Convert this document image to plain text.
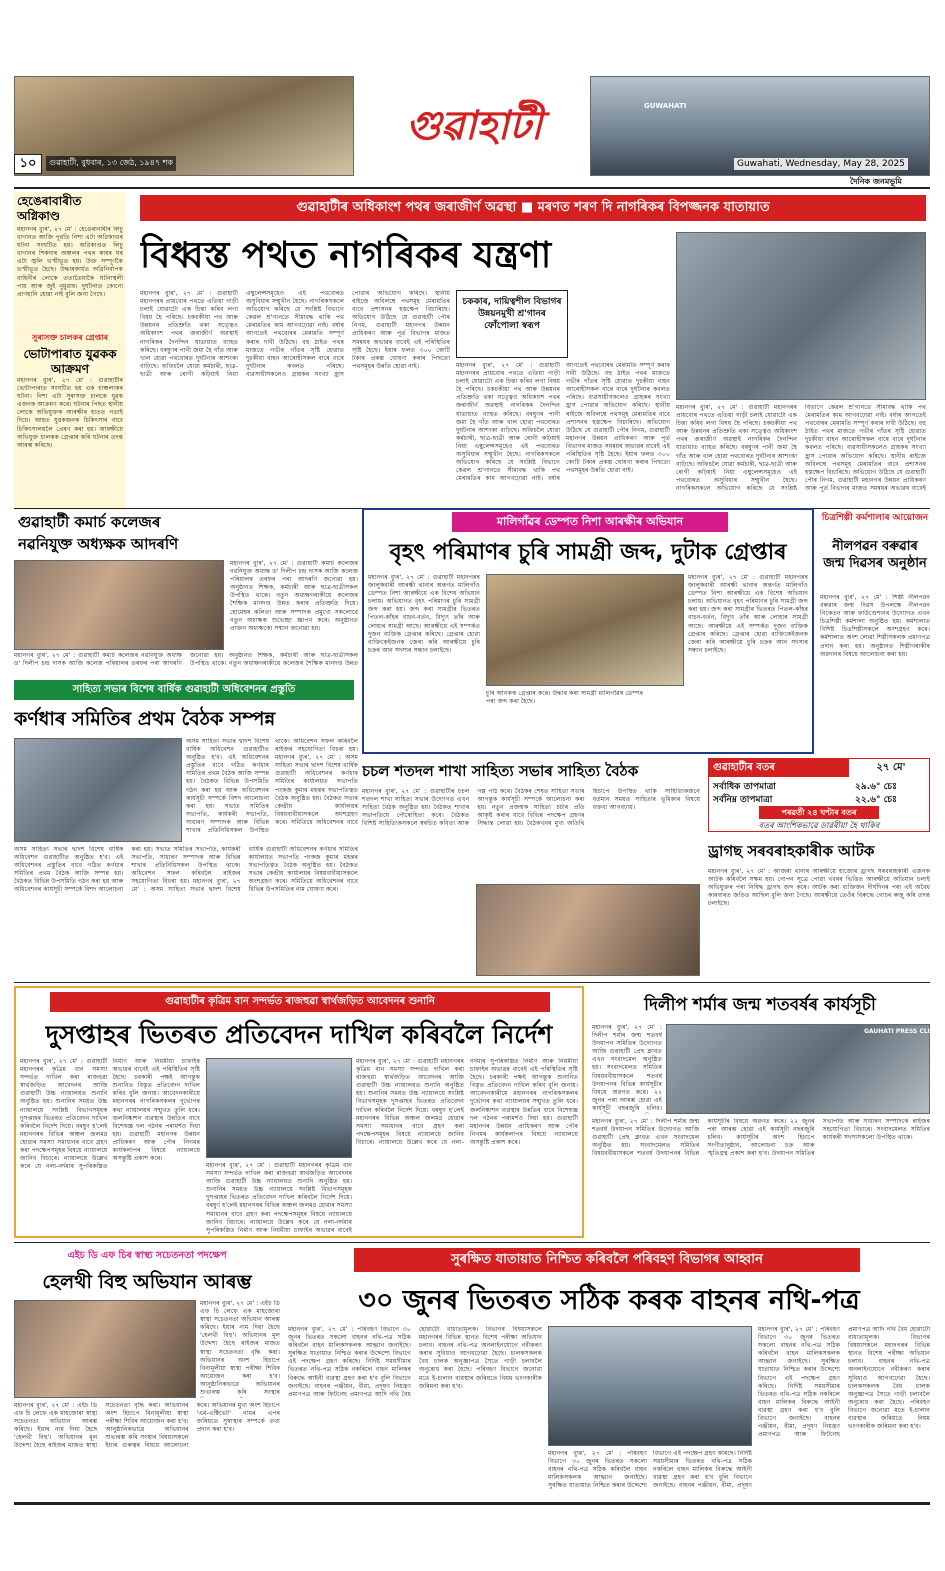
গুৱাহাটী	GUWAHATI
১০	গুৱাহাটী, বুধবাৰ, ১৩ জেঠ, ১৯৪৭ শক	Guwahati, Wednesday, May 28, 2025
দৈনিক জনমভূমি
হেঙেৰাবাৰীত অগ্নিকাণ্ড
মহানগৰ ব্যুৰ', ২৭ মে' : হেঙেৰাবাৰীৰ লিচু বাগানত আজি পুৱতি নিশা এটা অগ্নিকাণ্ডৰ ঘটনা সংঘটিত হয়। অগ্নিকাণ্ডত লিচু বাগানৰ শিকদাৰ অঞ্চলৰ পথৰ কাষৰ ঘৰ এটা জ্বলি ভস্মীভূত হয়। উক্ত সম্পূৰ্ণকৈ ভস্মীভূত হৈছে। উদ্ধাৰকাৰ্যত অগ্নিনিৰ্বাপক বাহিনীৰ লোকে ততাতৈয়াকৈ ঘটনাস্থলী পায় আৰু জুই নুমুৱায়। দুৰ্ঘটনাত কোনো প্ৰাণহানি হোৱা নাই বুলি জনা গৈছে।
সুৰাসক্ত চালকৰ গ্ৰেপ্তাৰ
ভোটাপাৰাত যুৱকক আক্ৰমণ
মহানগৰ ব্যুৰ', ২৭ মে' : গুৱাহাটীৰ ভোটাপাৰাত সংঘটিত হয় এক চাঞ্চল্যকৰ ঘটনা। নিশা এটা সুৰাসক্ত চালকে যুৱক এজনক আক্ৰমণ কৰে। ঘটনাৰ পিছত স্থানীয় লোকে অভিযুক্তক আৰক্ষীৰ হাতত গতাই দিয়ে। আহত যুৱকজনক চিকিৎসাৰ বাবে চিকিৎসালয়লৈ প্ৰেৰণ কৰা হয়। আৰক্ষীয়ে অভিযুক্ত চালকক গ্ৰেপ্তাৰ কৰি ঘটনাৰ তদন্ত আৰম্ভ কৰিছে।
গুৱাহাটীৰ অধিকাংশ পথৰ জৰাজীৰ্ণ অৱস্থা ■ মৰণত শৰণ দি নাগৰিকৰ বিপজ্জনক যাতায়াত
বিধ্বস্ত পথত নাগৰিকৰ যন্ত্ৰণা
চককাৰ, দায়িত্বশীল বিভাগৰ উন্নয়নমুখী শ্ৰ'গানৰ ফোঁপোলা স্বৰূপ
মহানগৰ ব্যুৰ', ২৭ মে' : গুৱাহাটী মহানগৰৰ প্ৰায়বোৰ পথতে এতিয়া গাড়ী চলাই যোৱাটো এক চিন্তা কৰিব লগা বিষয় হৈ পৰিছে। চকচকীয়া পথ আৰু উন্নয়নৰ প্ৰতিশ্ৰুতি থকা সত্ত্বেও অধিকাংশ পথৰ জৰাজীৰ্ণ অৱস্থাই নাগৰিকৰ দৈনন্দিন যাতায়াত ব্যাহত কৰিছে। বৰষুণৰ পানী জমা হৈ গাঁত আৰু খাল হোৱা পথবোৰত দুৰ্ঘটনাৰ আশংকা বাঢ়িছে। অফিচলৈ যোৱা কৰ্মচাৰী, ছাত্ৰ-ছাত্ৰী আৰু ৰোগী কঢ়িয়াই নিয়া এম্বুলেন্সসমূহেও এই পথবোৰত অসুবিধাৰ সন্মুখীন হৈছে। নাগৰিকসকলে অভিযোগ কৰিছে যে সংশ্লিষ্ট বিভাগে কেৱল শ্ৰ'গানতে সীমাবদ্ধ থাকি পথ মেৰামতিৰ কাম আগবঢ়োৱা নাই। বৰ্ষাৰ আগতেই পথবোৰৰ মেৰামতি সম্পূৰ্ণ কৰাৰ দাবী উঠিছে। বহু ঠাইত পথৰ মাজতে গভীৰ গাঁতৰ সৃষ্টি হোৱাত দুচকীয়া বাহন আৰোহীসকল বাৰে বাৰে দুৰ্ঘটনাৰ কবলত পৰিছে। ব্যৱসায়ীসকলেও গ্ৰাহকৰ সংখ্যা হ্ৰাস পোৱাৰ অভিযোগ কৰিছে। স্থানীয় ৰাইজে অবিলম্বে পথসমূহ মেৰামতিৰ বাবে প্ৰশাসনৰ হস্তক্ষেপ বিচাৰিছে। অভিযোগ উঠিছে যে গুৱাহাটী পৌৰ নিগম, গুৱাহাটী মহানগৰ উন্নয়ন প্ৰাধিকৰণ আৰু পূৰ্ত বিভাগৰ মাজত সমন্বয়ৰ অভাৱৰ বাবেই এই পৰিস্থিতিৰ সৃষ্টি হৈছে। ইয়াৰ ফলত ৩০০ কোটি টকাৰ প্ৰকল্প ঘোষণা কৰাৰ পিছতো পথসমূহৰ উন্নতি হোৱা নাই।	মহানগৰ ব্যুৰ', ২৭ মে' : গুৱাহাটী মহানগৰৰ প্ৰায়বোৰ পথতে এতিয়া গাড়ী চলাই যোৱাটো এক চিন্তা কৰিব লগা বিষয় হৈ পৰিছে। চকচকীয়া পথ আৰু উন্নয়নৰ প্ৰতিশ্ৰুতি থকা সত্ত্বেও অধিকাংশ পথৰ জৰাজীৰ্ণ অৱস্থাই নাগৰিকৰ দৈনন্দিন যাতায়াত ব্যাহত কৰিছে। বৰষুণৰ পানী জমা হৈ গাঁত আৰু খাল হোৱা পথবোৰত দুৰ্ঘটনাৰ আশংকা বাঢ়িছে। অফিচলৈ যোৱা কৰ্মচাৰী, ছাত্ৰ-ছাত্ৰী আৰু ৰোগী কঢ়িয়াই নিয়া এম্বুলেন্সসমূহেও এই পথবোৰত অসুবিধাৰ সন্মুখীন হৈছে। নাগৰিকসকলে অভিযোগ কৰিছে যে সংশ্লিষ্ট বিভাগে কেৱল শ্ৰ'গানতে সীমাবদ্ধ থাকি পথ মেৰামতিৰ কাম আগবঢ়োৱা নাই। বৰ্ষাৰ আগতেই পথবোৰৰ মেৰামতি সম্পূৰ্ণ কৰাৰ দাবী উঠিছে। বহু ঠাইত পথৰ মাজতে গভীৰ গাঁতৰ সৃষ্টি হোৱাত দুচকীয়া বাহন আৰোহীসকল বাৰে বাৰে দুৰ্ঘটনাৰ কবলত পৰিছে। ব্যৱসায়ীসকলেও গ্ৰাহকৰ সংখ্যা হ্ৰাস পোৱাৰ অভিযোগ কৰিছে। স্থানীয় ৰাইজে অবিলম্বে পথসমূহ মেৰামতিৰ বাবে প্ৰশাসনৰ হস্তক্ষেপ বিচাৰিছে। অভিযোগ উঠিছে যে গুৱাহাটী পৌৰ নিগম, গুৱাহাটী মহানগৰ উন্নয়ন প্ৰাধিকৰণ আৰু পূৰ্ত বিভাগৰ মাজত সমন্বয়ৰ অভাৱৰ বাবেই এই পৰিস্থিতিৰ সৃষ্টি হৈছে। ইয়াৰ ফলত ৩০০ কোটি টকাৰ প্ৰকল্প ঘোষণা কৰাৰ পিছতো পথসমূহৰ উন্নতি হোৱা নাই।
মহানগৰ ব্যুৰ', ২৭ মে' : গুৱাহাটী মহানগৰৰ প্ৰায়বোৰ পথতে এতিয়া গাড়ী চলাই যোৱাটো এক চিন্তা কৰিব লগা বিষয় হৈ পৰিছে। চকচকীয়া পথ আৰু উন্নয়নৰ প্ৰতিশ্ৰুতি থকা সত্ত্বেও অধিকাংশ পথৰ জৰাজীৰ্ণ অৱস্থাই নাগৰিকৰ দৈনন্দিন যাতায়াত ব্যাহত কৰিছে। বৰষুণৰ পানী জমা হৈ গাঁত আৰু খাল হোৱা পথবোৰত দুৰ্ঘটনাৰ আশংকা বাঢ়িছে। অফিচলৈ যোৱা কৰ্মচাৰী, ছাত্ৰ-ছাত্ৰী আৰু ৰোগী কঢ়িয়াই নিয়া এম্বুলেন্সসমূহেও এই পথবোৰত অসুবিধাৰ সন্মুখীন হৈছে। নাগৰিকসকলে অভিযোগ কৰিছে যে সংশ্লিষ্ট বিভাগে কেৱল শ্ৰ'গানতে সীমাবদ্ধ থাকি পথ মেৰামতিৰ কাম আগবঢ়োৱা নাই। বৰ্ষাৰ আগতেই পথবোৰৰ মেৰামতি সম্পূৰ্ণ কৰাৰ দাবী উঠিছে। বহু ঠাইত পথৰ মাজতে গভীৰ গাঁতৰ সৃষ্টি হোৱাত দুচকীয়া বাহন আৰোহীসকল বাৰে বাৰে দুৰ্ঘটনাৰ কবলত পৰিছে। ব্যৱসায়ীসকলেও গ্ৰাহকৰ সংখ্যা হ্ৰাস পোৱাৰ অভিযোগ কৰিছে। স্থানীয় ৰাইজে অবিলম্বে পথসমূহ মেৰামতিৰ বাবে প্ৰশাসনৰ হস্তক্ষেপ বিচাৰিছে। অভিযোগ উঠিছে যে গুৱাহাটী পৌৰ নিগম, গুৱাহাটী মহানগৰ উন্নয়ন প্ৰাধিকৰণ আৰু পূৰ্ত বিভাগৰ মাজত সমন্বয়ৰ অভাৱৰ বাবেই
গুৱাহাটী কমাৰ্চ কলেজৰ
নৱনিযুক্ত অধ্যক্ষক আদৰণি
মহানগৰ ব্যুৰ', ২৭ মে' : গুৱাহাটী কমাৰ্চ কলেজৰ নৱনিযুক্ত অধ্যক্ষ ড' দিলীপ চন্দ্ৰ দাসক আজি কলেজ পৰিয়ালৰ তৰফৰ পৰা আদৰণি জনোৱা হয়। অনুষ্ঠানত শিক্ষক, কৰ্মচাৰী আৰু ছাত্ৰ-ছাত্ৰীসকল উপস্থিত থাকে। নতুন অধ্যক্ষগৰাকীয়ে কলেজৰ শৈক্ষিক মানদণ্ড উন্নত কৰাৰ প্ৰতিশ্ৰুতি দিয়ে। হোমেশ্বৰ কলিতা আৰু সম্পাদক প্ৰমুখ্যে সকলোৱে নতুন অধ্যক্ষক শুভেচ্ছা জ্ঞাপন কৰে। অনুষ্ঠানত প্ৰাক্তন অধ্যক্ষকো সন্মান জনোৱা হয়।
মহানগৰ ব্যুৰ', ২৭ মে' : গুৱাহাটী কমাৰ্চ কলেজৰ নৱনিযুক্ত অধ্যক্ষ ড' দিলীপ চন্দ্ৰ দাসক আজি কলেজ পৰিয়ালৰ তৰফৰ পৰা আদৰণি জনোৱা হয়। অনুষ্ঠানত শিক্ষক, কৰ্মচাৰী আৰু ছাত্ৰ-ছাত্ৰীসকল উপস্থিত থাকে। নতুন অধ্যক্ষগৰাকীয়ে কলেজৰ শৈক্ষিক মানদণ্ড উন্নত
মালিগাঁৱৰ ডেম্পত নিশা আৰক্ষীৰ অভিযান
বৃহৎ পৰিমাণৰ চুৰি সামগ্ৰী জব্দ, দুটাক গ্ৰেপ্তাৰ
মহানগৰ ব্যুৰ', ২৭ মে' : গুৱাহাটী মহানগৰৰ জালুকবাৰী আৰক্ষী থানাৰ অন্তৰ্গত মালিগাঁও ডেম্পত নিশা আৰক্ষীয়ে এক বিশেষ অভিযান চলায়। অভিযানত বৃহৎ পৰিমাণৰ চুৰি সামগ্ৰী জব্দ কৰা হয়। জব্দ কৰা সামগ্ৰীৰ ভিতৰত পিতল-কাঁহৰ বাচন-বৰ্তন, বিদ্যুৎ তাঁৰ আৰু লোহাৰ সামগ্ৰী আছে। আৰক্ষীয়ে এই সম্পৰ্কত দুজন ব্যক্তিক গ্ৰেপ্তাৰ কৰিছে। গ্ৰেপ্তাৰ হোৱা ব্যক্তিকেইজনক জেৰা কৰি আৰক্ষীয়ে চুৰি চক্ৰৰ আন সদস্যৰ সন্ধান চলাইছে।
মহানগৰ ব্যুৰ', ২৭ মে' : গুৱাহাটী মহানগৰৰ জালুকবাৰী আৰক্ষী থানাৰ অন্তৰ্গত মালিগাঁও ডেম্পত নিশা আৰক্ষীয়ে এক বিশেষ অভিযান চলায়। অভিযানত বৃহৎ পৰিমাণৰ চুৰি সামগ্ৰী জব্দ কৰা হয়। জব্দ কৰা সামগ্ৰীৰ ভিতৰত পিতল-কাঁহৰ বাচন-বৰ্তন, বিদ্যুৎ তাঁৰ আৰু লোহাৰ সামগ্ৰী আছে। আৰক্ষীয়ে এই সম্পৰ্কত দুজন ব্যক্তিক গ্ৰেপ্তাৰ কৰিছে। গ্ৰেপ্তাৰ হোৱা ব্যক্তিকেইজনক জেৰা কৰি আৰক্ষীয়ে চুৰি চক্ৰৰ আন সদস্যৰ সন্ধান চলাইছে।
চুৰি আনকক গ্ৰেপ্তাৰ কৰে। উদ্ধাৰ কৰা সামগ্ৰী মালিগাঁৱৰ ডেম্পৰ পৰা জব্দ কৰা হৈছে।
চিত্ৰশিল্পী কৰ্মশালাৰ আয়োজন
নীলপৱন বৰুৱাৰ জন্ম দিৱসৰ অনুষ্ঠান
মহানগৰ ব্যুৰ', ২৭ মে' : শিল্পী নীলপৱন বৰুৱাৰ জন্ম দিৱস উপলক্ষে নীলপৱন নিকেতন আৰু ফাউণ্ডেশ্যনৰ উদ্যোগত এখন চিত্ৰশিল্পী কৰ্মশালা অনুষ্ঠিত হয়। কৰ্মশালাত বিশিষ্ট চিত্ৰশিল্পীসকলে অংশগ্ৰহণ কৰে। কৰ্মশালাত অংশ লোৱা শিল্পীসকলক প্ৰমাণপত্ৰ প্ৰদান কৰা হয়। অনুষ্ঠানত শিল্পীগৰাকীৰ অৱদানৰ বিষয়ে আলোচনা কৰা হয়।
সাহিত্য সভাৰ বিশেষ বাৰ্ষিক গুৱাহাটী অধিবেশনৰ প্ৰস্তুতি
কৰ্ণধাৰ সমিতিৰ প্ৰথম বৈঠক সম্পন্ন
অসম সাহিত্য সভাৰ দ্বাদশ বিশেষ বাৰ্ষিক অধিবেশন গুৱাহাটীত অনুষ্ঠিত হ'ব। এই অধিবেশনৰ প্ৰস্তুতিৰ বাবে গঠিত কৰ্ণধাৰ সমিতিৰ প্ৰথম বৈঠক আজি সম্পন্ন হয়। বৈঠকত বিভিন্ন উপসমিতি গঠন কৰা হয় আৰু অধিবেশনৰ কাৰ্যসূচী সম্পৰ্কে বিশদ আলোচনা কৰা হয়। সভাত সমিতিৰ সভাপতি, কাৰ্যকৰী সভাপতি, সাধাৰণ সম্পাদক আৰু বিভিন্ন শাখাৰ প্ৰতিনিধিসকল উপস্থিত থাকে। অধিবেশন সফল কৰিবলৈ ৰাইজৰ সহযোগিতা বিচৰা হয়। মহানগৰ ব্যুৰ', ২৭ মে' : অসম সাহিত্য সভাৰ দ্বাদশ বিশেষ বাৰ্ষিক গুৱাহাটী অধিবেশনৰ কৰ্ণধাৰ সমিতিৰ কাৰ্যালয়ত সভাপতি পংকজ কুমাৰ মহন্তৰ সভাপতিত্বত বৈঠক অনুষ্ঠিত হয়। বৈঠকত সভাৰ কেন্দ্ৰীয় কাৰ্যালয়ৰ বিষয়বাবীয়াসকলে অংশগ্ৰহণ কৰে। সমিতিয়ে অধিবেশনৰ বাবে
অসম সাহিত্য সভাৰ দ্বাদশ বিশেষ বাৰ্ষিক অধিবেশন গুৱাহাটীত অনুষ্ঠিত হ'ব। এই অধিবেশনৰ প্ৰস্তুতিৰ বাবে গঠিত কৰ্ণধাৰ সমিতিৰ প্ৰথম বৈঠক আজি সম্পন্ন হয়। বৈঠকত বিভিন্ন উপসমিতি গঠন কৰা হয় আৰু অধিবেশনৰ কাৰ্যসূচী সম্পৰ্কে বিশদ আলোচনা কৰা হয়। সভাত সমিতিৰ সভাপতি, কাৰ্যকৰী সভাপতি, সাধাৰণ সম্পাদক আৰু বিভিন্ন শাখাৰ প্ৰতিনিধিসকল উপস্থিত থাকে। অধিবেশন সফল কৰিবলৈ ৰাইজৰ সহযোগিতা বিচৰা হয়। মহানগৰ ব্যুৰ', ২৭ মে' : অসম সাহিত্য সভাৰ দ্বাদশ বিশেষ বাৰ্ষিক গুৱাহাটী অধিবেশনৰ কৰ্ণধাৰ সমিতিৰ কাৰ্যালয়ত সভাপতি পংকজ কুমাৰ মহন্তৰ সভাপতিত্বত বৈঠক অনুষ্ঠিত হয়। বৈঠকত সভাৰ কেন্দ্ৰীয় কাৰ্যালয়ৰ বিষয়বাবীয়াসকলে অংশগ্ৰহণ কৰে। সমিতিয়ে অধিবেশনৰ বাবে বিভিন্ন উপসমিতিৰ নাম ঘোষণা কৰে।
চচল শতদল শাখা সাহিত্য সভাৰ সাহিত্য বৈঠক
মহানগৰ ব্যুৰ', ২৭ মে' : গুৱাহাটীৰ চচল শতদল শাখা সাহিত্য সভাৰ উদ্যোগত এখন সাহিত্য বৈঠক অনুষ্ঠিত হয়। বৈঠকত শাখাৰ সভাপতিয়ে পৌৰোহিত্য কৰে। বৈঠকত বিশিষ্ট সাহিত্যিকসকলে স্বৰচিত কবিতা আৰু গল্প পাঠ কৰে। বৈঠকৰ শেষত সাহিত্য সভাৰ আগন্তুক কাৰ্যসূচী সম্পৰ্কে আলোচনা কৰা হয়। নতুন প্ৰজন্মক সাহিত্য চৰ্চাৰ প্ৰতি আকৃষ্ট কৰাৰ বাবে বিভিন্ন পদক্ষেপ গ্ৰহণৰ সিদ্ধান্ত লোৱা হয়। বৈঠকখনৰ মুখ্য অতিথি হিচাপে উপস্থিত থাকি সাহিত্যিকজনে বৰ্তমান সময়ত সাহিত্যৰ ভূমিকাৰ বিষয়ে বক্তব্য আগবঢ়ায়।
গুৱাহাটীৰ বতৰ	২৭ মে'
সৰ্বাধিক তাপমাত্ৰা	২৯.৬° চেঃ
সৰ্বনিম্ন তাপমাত্ৰা	২২.৬° চেঃ
পৰৱৰ্তী ২৪ ঘণ্টাৰ বতৰ
বতৰ আংশিকভাৱে ডাৱৰীয়া হৈ থাকিব
ড্ৰাগছ সৰবৰাহকাৰীক আটক
মহানগৰ ব্যুৰ', ২৭ মে' : আজৰা থানাৰ আৰক্ষীয়ে হাজোৰ ড্ৰাগছ সৰবৰাহকাৰী এজনক আটক কৰিবলৈ সক্ষম হয়। গোপন সূত্ৰে পোৱা খবৰৰ ভিত্তিত আৰক্ষীয়ে অভিযান চলাই অভিযুক্তৰ পৰা নিষিদ্ধ ড্ৰাগছ জব্দ কৰে। আটক কৰা ব্যক্তিজন দীৰ্ঘদিনৰ পৰা এই অবৈধ কাৰবাৰত জড়িত আছিল বুলি জনা গৈছে। আৰক্ষীয়ে তেওঁৰ বিৰুদ্ধে গোচৰ ৰুজু কৰি তদন্ত চলাইছে।
গুৱাহাটীৰ কৃত্ৰিম বান সন্দৰ্ভত ৰাজহুৱা স্বাৰ্থজড়িত আবেদনৰ শুনানি
দুসপ্তাহৰ ভিতৰত প্ৰতিবেদন দাখিল কৰিবলৈ নিৰ্দেশ
মহানগৰ ব্যুৰ', ২৭ মে' : গুৱাহাটী মহানগৰৰ কৃত্ৰিম বান সমস্যা সন্দৰ্ভত দাখিল কৰা ৰাজহুৱা স্বাৰ্থজড়িত আবেদনৰ আজি গুৱাহাটী উচ্চ ন্যায়ালয়ত শুনানি অনুষ্ঠিত হয়। শুনানিৰ সময়ত উচ্চ ন্যায়ালয়ে সংশ্লিষ্ট বিভাগসমূহক দুসপ্তাহৰ ভিতৰত প্ৰতিবেদন দাখিল কৰিবলৈ নিৰ্দেশ দিয়ে। বৰষুণ হ'লেই মহানগৰৰ বিভিন্ন অঞ্চল জলমগ্ন হোৱাৰ সমস্যা সমাধানৰ বাবে গ্ৰহণ কৰা পদক্ষেপসমূহৰ বিষয়ে ন্যায়ালয়ে জানিব বিচাৰে। ন্যায়ালয়ে উল্লেখ কৰে যে নলা-নৰ্দমাৰ সুপৰিকল্পিত নিৰ্মাণ আৰু নিয়মীয়া চাফাইৰ অভাৱৰ বাবেই এই পৰিস্থিতিৰ সৃষ্টি হৈছে। চৰকাৰী পক্ষই আগন্তুক শুনানিত বিস্তৃত প্ৰতিবেদন দাখিল কৰিব বুলি জনায়। আবেদনকাৰীয়ে মহানগৰৰ নাগৰিকসকলৰ দুৰ্ভোগৰ কথা ন্যায়ালয়ৰ সন্মুখত তুলি ধৰে। জলনিষ্কাশন ব্যৱস্থাৰ উন্নতিৰ বাবে বিশেষজ্ঞ দল গঠনৰ পৰামৰ্শও দিয়া হয়। গুৱাহাটী মহানগৰ উন্নয়ন প্ৰাধিকৰণ আৰু পৌৰ নিগমৰ কাৰ্যকলাপৰ বিষয়ে ন্যায়ালয়ে অসন্তুষ্টি প্ৰকাশ কৰে।
মহানগৰ ব্যুৰ', ২৭ মে' : গুৱাহাটী মহানগৰৰ কৃত্ৰিম বান সমস্যা সন্দৰ্ভত দাখিল কৰা ৰাজহুৱা স্বাৰ্থজড়িত আবেদনৰ আজি গুৱাহাটী উচ্চ ন্যায়ালয়ত শুনানি অনুষ্ঠিত হয়। শুনানিৰ সময়ত উচ্চ ন্যায়ালয়ে সংশ্লিষ্ট বিভাগসমূহক দুসপ্তাহৰ ভিতৰত প্ৰতিবেদন দাখিল কৰিবলৈ নিৰ্দেশ দিয়ে। বৰষুণ হ'লেই মহানগৰৰ বিভিন্ন অঞ্চল জলমগ্ন হোৱাৰ সমস্যা সমাধানৰ বাবে গ্ৰহণ কৰা পদক্ষেপসমূহৰ বিষয়ে ন্যায়ালয়ে জানিব বিচাৰে। ন্যায়ালয়ে উল্লেখ কৰে যে নলা-নৰ্দমাৰ সুপৰিকল্পিত নিৰ্মাণ আৰু নিয়মীয়া চাফাইৰ অভাৱৰ বাবেই
মহানগৰ ব্যুৰ', ২৭ মে' : গুৱাহাটী মহানগৰৰ কৃত্ৰিম বান সমস্যা সন্দৰ্ভত দাখিল কৰা ৰাজহুৱা স্বাৰ্থজড়িত আবেদনৰ আজি গুৱাহাটী উচ্চ ন্যায়ালয়ত শুনানি অনুষ্ঠিত হয়। শুনানিৰ সময়ত উচ্চ ন্যায়ালয়ে সংশ্লিষ্ট বিভাগসমূহক দুসপ্তাহৰ ভিতৰত প্ৰতিবেদন দাখিল কৰিবলৈ নিৰ্দেশ দিয়ে। বৰষুণ হ'লেই মহানগৰৰ বিভিন্ন অঞ্চল জলমগ্ন হোৱাৰ সমস্যা সমাধানৰ বাবে গ্ৰহণ কৰা পদক্ষেপসমূহৰ বিষয়ে ন্যায়ালয়ে জানিব বিচাৰে। ন্যায়ালয়ে উল্লেখ কৰে যে নলা-নৰ্দমাৰ সুপৰিকল্পিত নিৰ্মাণ আৰু নিয়মীয়া চাফাইৰ অভাৱৰ বাবেই এই পৰিস্থিতিৰ সৃষ্টি হৈছে। চৰকাৰী পক্ষই আগন্তুক শুনানিত বিস্তৃত প্ৰতিবেদন দাখিল কৰিব বুলি জনায়। আবেদনকাৰীয়ে মহানগৰৰ নাগৰিকসকলৰ দুৰ্ভোগৰ কথা ন্যায়ালয়ৰ সন্মুখত তুলি ধৰে। জলনিষ্কাশন ব্যৱস্থাৰ উন্নতিৰ বাবে বিশেষজ্ঞ দল গঠনৰ পৰামৰ্শও দিয়া হয়। গুৱাহাটী মহানগৰ উন্নয়ন প্ৰাধিকৰণ আৰু পৌৰ নিগমৰ কাৰ্যকলাপৰ বিষয়ে ন্যায়ালয়ে অসন্তুষ্টি প্ৰকাশ কৰে।
দিলীপ শৰ্মাৰ জন্ম শতবৰ্ষৰ কাৰ্যসূচী
মহানগৰ ব্যুৰ', ২৭ মে' : দিলীপ শৰ্মাৰ জন্ম শতবৰ্ষ উদযাপন সমিতিৰ উদ্যোগত আজি গুৱাহাটী প্ৰেছ ক্লাবত এখন সংবাদমেল অনুষ্ঠিত হয়। সংবাদমেলত সমিতিৰ বিষয়ববীয়াসকলে শতবৰ্ষ উদযাপনৰ বিভিন্ন কাৰ্যসূচীৰ বিষয়ে অৱগত কৰে। ২২ জুনৰ পৰা আৰম্ভ হোৱা এই কাৰ্যসূচী বছৰজুৰি চলিব।
GAUHATI PRESS CLUB
মহানগৰ ব্যুৰ', ২৭ মে' : দিলীপ শৰ্মাৰ জন্ম শতবৰ্ষ উদযাপন সমিতিৰ উদ্যোগত আজি গুৱাহাটী প্ৰেছ ক্লাবত এখন সংবাদমেল অনুষ্ঠিত হয়। সংবাদমেলত সমিতিৰ বিষয়ববীয়াসকলে শতবৰ্ষ উদযাপনৰ বিভিন্ন কাৰ্যসূচীৰ বিষয়ে অৱগত কৰে। ২২ জুনৰ পৰা আৰম্ভ হোৱা এই কাৰ্যসূচী বছৰজুৰি চলিব। কাৰ্যসূচীৰ অংশ হিচাপে সংগীতানুষ্ঠান, আলোচনা চক্ৰ আৰু স্মৃতিগ্ৰন্থ প্ৰকাশ কৰা হ'ব। উদযাপন সমিতিৰ সভাপতি আৰু সাধাৰণ সম্পাদকে ৰাইজৰ সহযোগিতা বিচাৰে। সংবাদমেলত সমিতিৰ কাৰ্যকৰী সদস্যসকলো উপস্থিত থাকে।
এইচ ডি এফ চিৰ স্বাস্থ্য সচেতনতা পদক্ষেপ
হেলথী বিহু অভিযান আৰম্ভ
মহানগৰ ব্যুৰ', ২৭ মে' : এইচ ডি এফ চি লেফে এক মাহজোৰা স্বাস্থ্য সচেতনতা অভিযান আৰম্ভ কৰিছে। ইয়াৰ নাম দিয়া হৈছে 'হেলথী বিহু'। অভিযানৰ মূল উদ্দেশ্য হৈছে ৰাইজৰ মাজত স্বাস্থ্য সচেতনতা বৃদ্ধি কৰা। অভিযানৰ অংশ হিচাপে বিনামূলীয়া স্বাস্থ্য পৰীক্ষা শিবিৰ আয়োজন কৰা হ'ব। আনুষ্ঠানিকভাৱে অভিযানৰ শুভাৰম্ভ কৰি সংস্থাৰ
মহানগৰ ব্যুৰ', ২৭ মে' : এইচ ডি এফ চি লেফে এক মাহজোৰা স্বাস্থ্য সচেতনতা অভিযান আৰম্ভ কৰিছে। ইয়াৰ নাম দিয়া হৈছে 'হেলথী বিহু'। অভিযানৰ মূল উদ্দেশ্য হৈছে ৰাইজৰ মাজত স্বাস্থ্য সচেতনতা বৃদ্ধি কৰা। অভিযানৰ অংশ হিচাপে বিনামূলীয়া স্বাস্থ্য পৰীক্ষা শিবিৰ আয়োজন কৰা হ'ব। আনুষ্ঠানিকভাৱে অভিযানৰ শুভাৰম্ভ কৰি সংস্থাৰ বিষয়াসকলে ইয়াৰ গুৰুত্বৰ বিষয়ে আলোচনা কৰে। অভিযানৰ মুখ্য অংশ হিচাপে 'এম-এক্টিভেট' নামৰ এপৰ জৰিয়তে সুস্বাস্থ্যৰ সম্পৰ্কে তথ্য প্ৰদান কৰা হ'ব।
সুৰক্ষিত যাতায়াত নিশ্চিত কৰিবলৈ পৰিবহণ বিভাগৰ আহ্বান
৩০ জুনৰ ভিতৰত সঠিক কৰক বাহনৰ নথি-পত্ৰ
মহানগৰ ব্যুৰ', ২৭ মে' : পৰিবহণ বিভাগে ৩০ জুনৰ ভিতৰত সকলো বাহনৰ নথি-পত্ৰ সঠিক কৰিবলৈ বাহন মালিকসকলক আহ্বান জনাইছে। সুৰক্ষিত যাতায়াত নিশ্চিত কৰাৰ উদ্দেশ্যে বিভাগে এই পদক্ষেপ গ্ৰহণ কৰিছে। নিৰ্দিষ্ট সময়সীমাৰ ভিতৰত নথি-পত্ৰ সঠিক নকৰিলে বাহন মালিকৰ বিৰুদ্ধে আইনী ব্যৱস্থা গ্ৰহণ কৰা হ'ব বুলি বিভাগে জনাইছে। বাহনৰ পঞ্জীয়ন, বীমা, প্ৰদূষণ নিয়ন্ত্ৰণ প্ৰমাণপত্ৰ আৰু ফিটনেছ প্ৰমাণপত্ৰ আদি নথি বৈধ হোৱাটো বাধ্যতামূলক। বিভাগৰ বিষয়াসকলে মহানগৰৰ বিভিন্ন স্থানত বিশেষ পৰীক্ষা অভিযান চলাব। বাহনৰ নথি-পত্ৰ অনলাইনযোগে নবীকৰণ কৰাৰ সুবিধাও আগবঢ়োৱা হৈছে। চালকসকলক বৈধ চালক অনুজ্ঞাপত্ৰ সৈতে গাড়ী চলাবলৈ অনুৰোধ কৰা হৈছে। পৰিবহণ বিভাগে জনোৱা মতে ই-চালান ব্যৱস্থাৰ জৰিয়তে নিয়ম ভংগকাৰীক জৰিমনা কৰা হ'ব।
মহানগৰ ব্যুৰ', ২৭ মে' : পৰিবহণ বিভাগে ৩০ জুনৰ ভিতৰত সকলো বাহনৰ নথি-পত্ৰ সঠিক কৰিবলৈ বাহন মালিকসকলক আহ্বান জনাইছে। সুৰক্ষিত যাতায়াত নিশ্চিত কৰাৰ উদ্দেশ্যে বিভাগে এই পদক্ষেপ গ্ৰহণ কৰিছে। নিৰ্দিষ্ট সময়সীমাৰ ভিতৰত নথি-পত্ৰ সঠিক নকৰিলে বাহন মালিকৰ বিৰুদ্ধে আইনী ব্যৱস্থা গ্ৰহণ কৰা হ'ব বুলি বিভাগে জনাইছে। বাহনৰ পঞ্জীয়ন, বীমা, প্ৰদূষণ
মহানগৰ ব্যুৰ', ২৭ মে' : পৰিবহণ বিভাগে ৩০ জুনৰ ভিতৰত সকলো বাহনৰ নথি-পত্ৰ সঠিক কৰিবলৈ বাহন মালিকসকলক আহ্বান জনাইছে। সুৰক্ষিত যাতায়াত নিশ্চিত কৰাৰ উদ্দেশ্যে বিভাগে এই পদক্ষেপ গ্ৰহণ কৰিছে। নিৰ্দিষ্ট সময়সীমাৰ ভিতৰত নথি-পত্ৰ সঠিক নকৰিলে বাহন মালিকৰ বিৰুদ্ধে আইনী ব্যৱস্থা গ্ৰহণ কৰা হ'ব বুলি বিভাগে জনাইছে। বাহনৰ পঞ্জীয়ন, বীমা, প্ৰদূষণ নিয়ন্ত্ৰণ প্ৰমাণপত্ৰ আৰু ফিটনেছ প্ৰমাণপত্ৰ আদি নথি বৈধ হোৱাটো বাধ্যতামূলক। বিভাগৰ বিষয়াসকলে মহানগৰৰ বিভিন্ন স্থানত বিশেষ পৰীক্ষা অভিযান চলাব। বাহনৰ নথি-পত্ৰ অনলাইনযোগে নবীকৰণ কৰাৰ সুবিধাও আগবঢ়োৱা হৈছে। চালকসকলক বৈধ চালক অনুজ্ঞাপত্ৰ সৈতে গাড়ী চলাবলৈ অনুৰোধ কৰা হৈছে। পৰিবহণ বিভাগে জনোৱা মতে ই-চালান ব্যৱস্থাৰ জৰিয়তে নিয়ম ভংগকাৰীক জৰিমনা কৰা হ'ব।
